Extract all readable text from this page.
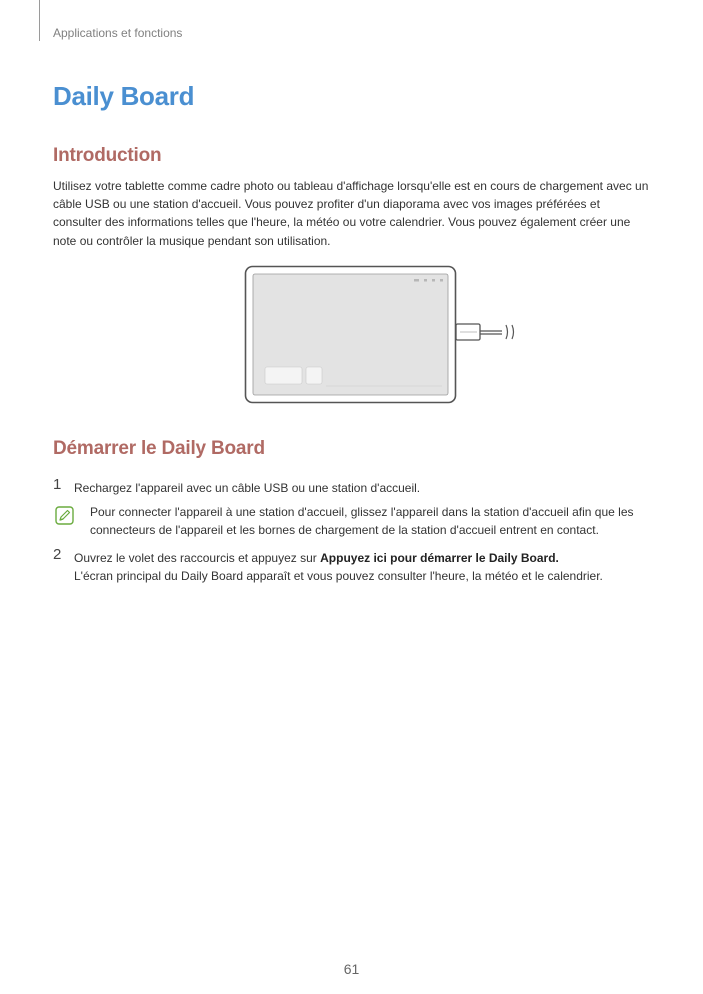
Applications et fonctions
Daily Board
Introduction

Utilisez votre tablette comme cadre photo ou tableau d'affichage lorsqu'elle est en cours de chargement avec un câble USB ou une station d'accueil. Vous pouvez profiter d'un diaporama avec vos images préférées et consulter des informations telles que l'heure, la météo ou votre calendrier. Vous pouvez également créer une note ou contrôler la musique pendant son utilisation.

Démarrer le Daily Board
1 Rechargez l'appareil avec un câble USB ou une station d'accueil.

Pour connecter l'appareil à une station d'accueil, glissez l'appareil dans la station d'accueil afin que les connecteurs de l'appareil et les bornes de chargement de la station d'accueil entrent en contact.

2 Ouvrez le volet des raccourcis et appuyez sur Appuyez ici pour démarrer le Daily Board.
L'écran principal du Daily Board apparaît et vous pouvez consulter l'heure, la météo et le calendrier.
61
